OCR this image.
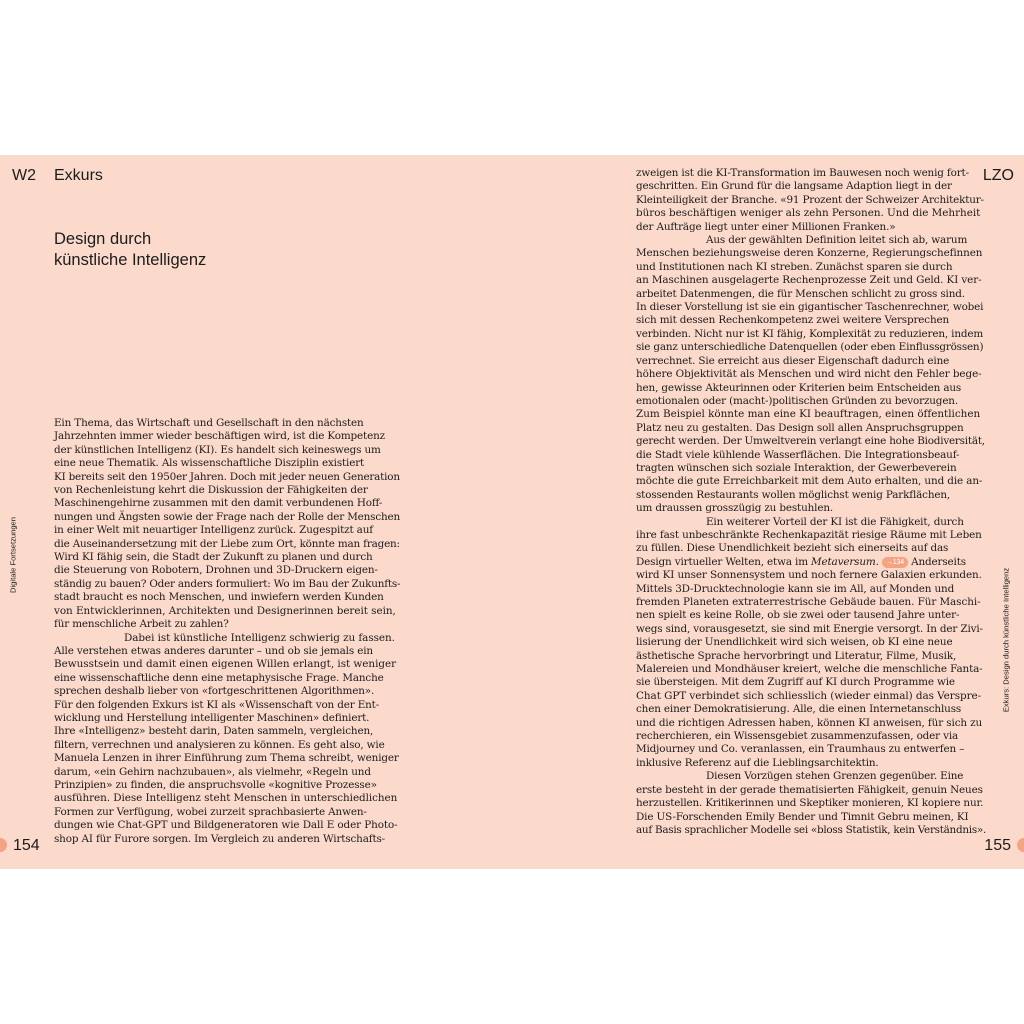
W2 Exkurs	LZO
Design durch
künstliche Intelligenz
Digitale Fortsetzungen
Exkurs: Design durch künstliche Intelligenz
Ein Thema, das Wirtschaft und Gesellschaft in den nächsten
Jahrzehnten immer wieder beschäftigen wird, ist die Kompetenz
der künstlichen Intelligenz (KI). Es handelt sich keineswegs um
eine neue Thematik. Als wissenschaftliche Disziplin existiert
KI bereits seit den 1950er Jahren. Doch mit jeder neuen Generation
von Rechenleistung kehrt die Diskussion der Fähigkeiten der
Maschinengehirne zusammen mit den damit verbundenen Hoff-
nungen und Ängsten sowie der Frage nach der Rolle der Menschen
in einer Welt mit neuartiger Intelligenz zurück. Zugespitzt auf
die Auseinandersetzung mit der Liebe zum Ort, könnte man fragen:
Wird KI fähig sein, die Stadt der Zukunft zu planen und durch
die Steuerung von Robotern, Drohnen und 3D-Druckern eigen-
ständig zu bauen? Oder anders formuliert: Wo im Bau der Zukunfts-
stadt braucht es noch Menschen, und inwiefern werden Kunden
von Entwicklerinnen, Architekten und Designerinnen bereit sein,
für menschliche Arbeit zu zahlen?
Dabei ist künstliche Intelligenz schwierig zu fassen.
Alle verstehen etwas anderes darunter – und ob sie jemals ein
Bewusstsein und damit einen eigenen Willen erlangt, ist weniger
eine wissenschaftliche denn eine metaphysische Frage. Manche
sprechen deshalb lieber von «fortgeschrittenen Algorithmen».
Für den folgenden Exkurs ist KI als «Wissenschaft von der Ent-
wicklung und Herstellung intelligenter Maschinen» definiert.
Ihre «Intelligenz» besteht darin, Daten sammeln, vergleichen,
filtern, verrechnen und analysieren zu können. Es geht also, wie
Manuela Lenzen in ihrer Einführung zum Thema schreibt, weniger
darum, «ein Gehirn nachzubauen», als vielmehr, «Regeln und
Prinzipien» zu finden, die anspruchsvolle «kognitive Prozesse»
ausführen. Diese Intelligenz steht Menschen in unterschiedlichen
Formen zur Verfügung, wobei zurzeit sprachbasierte Anwen-
dungen wie Chat-GPT und Bildgeneratoren wie Dall E oder Photo-
shop AI für Furore sorgen. Im Vergleich zu anderen Wirtschafts-
zweigen ist die KI-Transformation im Bauwesen noch wenig fort-
geschritten. Ein Grund für die langsame Adaption liegt in der
Kleinteiligkeit der Branche. «91 Prozent der Schweizer Architektur-
büros beschäftigen weniger als zehn Personen. Und die Mehrheit
der Aufträge liegt unter einer Millionen Franken.»
Aus der gewählten Definition leitet sich ab, warum
Menschen beziehungsweise deren Konzerne, Regierungschefinnen
und Institutionen nach KI streben. Zunächst sparen sie durch
an Maschinen ausgelagerte Rechenprozesse Zeit und Geld. KI ver-
arbeitet Datenmengen, die für Menschen schlicht zu gross sind.
In dieser Vorstellung ist sie ein gigantischer Taschenrechner, wobei
sich mit dessen Rechenkompetenz zwei weitere Versprechen
verbinden. Nicht nur ist KI fähig, Komplexität zu reduzieren, indem
sie ganz unterschiedliche Datenquellen (oder eben Einflussgrössen)
verrechnet. Sie erreicht aus dieser Eigenschaft dadurch eine
höhere Objektivität als Menschen und wird nicht den Fehler bege-
hen, gewisse Akteurinnen oder Kriterien beim Entscheiden aus
emotionalen oder (macht-)politischen Gründen zu bevorzugen.
Zum Beispiel könnte man eine KI beauftragen, einen öffentlichen
Platz neu zu gestalten. Das Design soll allen Anspruchsgruppen
gerecht werden. Der Umweltverein verlangt eine hohe Biodiversität,
die Stadt viele kühlende Wasserflächen. Die Integrationsbeauf-
tragten wünschen sich soziale Interaktion, der Gewerbeverein
möchte die gute Erreichbarkeit mit dem Auto erhalten, und die an-
stossenden Restaurants wollen möglichst wenig Parkflächen,
um draussen grosszügig zu bestuhlen.
Ein weiterer Vorteil der KI ist die Fähigkeit, durch
ihre fast unbeschränkte Rechenkapazität riesige Räume mit Leben
zu füllen. Diese Unendlichkeit bezieht sich einerseits auf das
Design virtueller Welten, etwa im Metaversum. →134 Anderseits
wird KI unser Sonnensystem und noch fernere Galaxien erkunden.
Mittels 3D-Drucktechnologie kann sie im All, auf Monden und
fremden Planeten extraterrestrische Gebäude bauen. Für Maschi-
nen spielt es keine Rolle, ob sie zwei oder tausend Jahre unter-
wegs sind, vorausgesetzt, sie sind mit Energie versorgt. In der Zivi-
lisierung der Unendlichkeit wird sich weisen, ob KI eine neue
ästhetische Sprache hervorbringt und Literatur, Filme, Musik,
Malereien und Mondhäuser kreiert, welche die menschliche Fanta-
sie übersteigen. Mit dem Zugriff auf KI durch Programme wie
Chat GPT verbindet sich schliesslich (wieder einmal) das Verspre-
chen einer Demokratisierung. Alle, die einen Internetanschluss
und die richtigen Adressen haben, können KI anweisen, für sich zu
recherchieren, ein Wissensgebiet zusammenzufassen, oder via
Midjourney und Co. veranlassen, ein Traumhaus zu entwerfen –
inklusive Referenz auf die Lieblingsarchitektin.
Diesen Vorzügen stehen Grenzen gegenüber. Eine
erste besteht in der gerade thematisierten Fähigkeit, genuin Neues
herzustellen. Kritikerinnen und Skeptiker monieren, KI kopiere nur.
Die US-Forschenden Emily Bender und Timnit Gebru meinen, KI
auf Basis sprachlicher Modelle sei «bloss Statistik, kein Verständnis».
154	155
